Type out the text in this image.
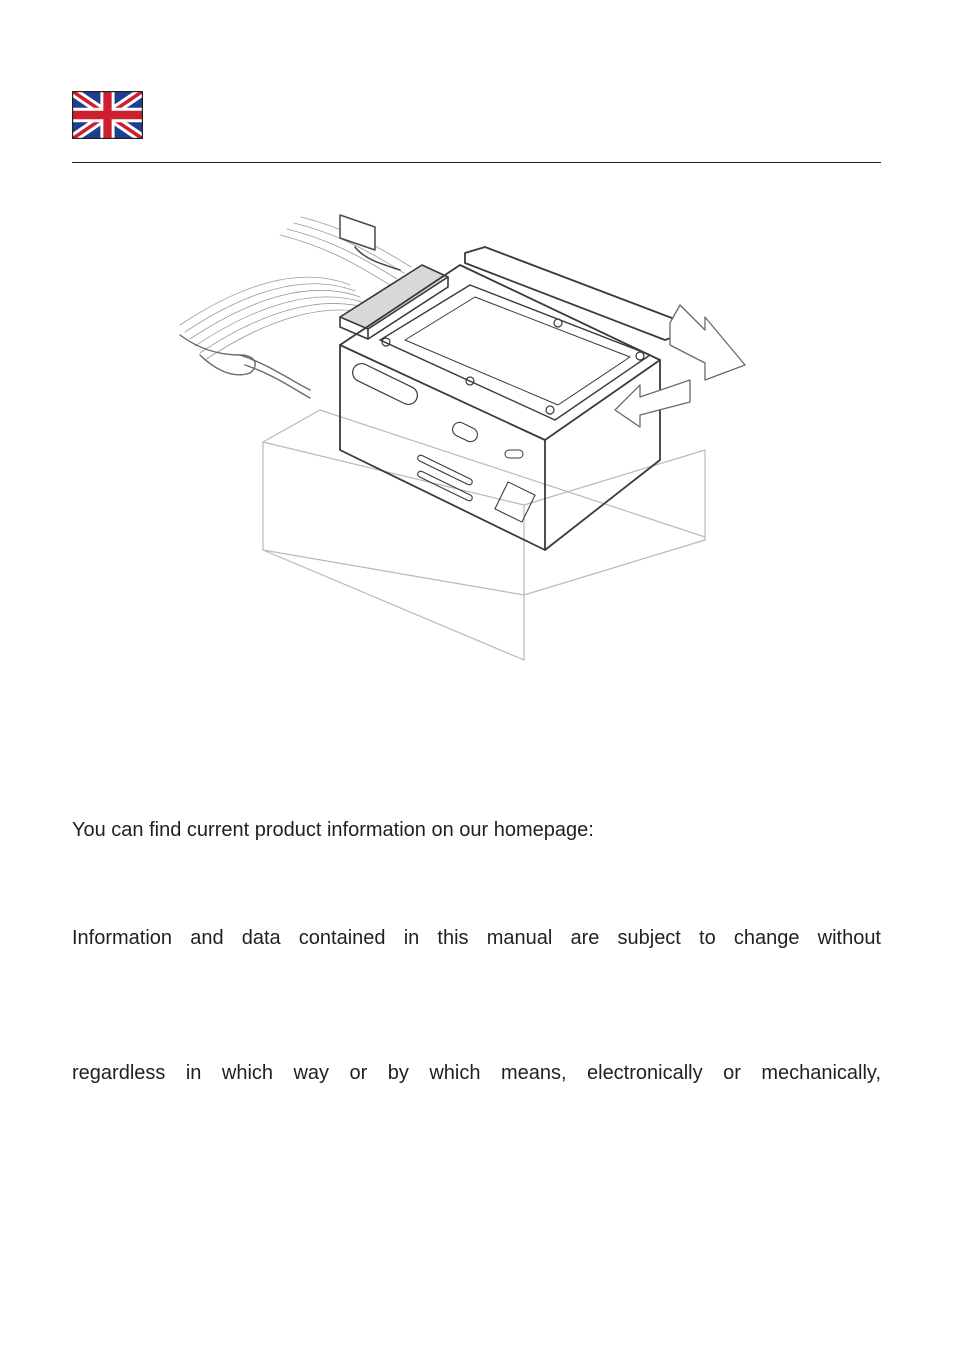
You can find current product information on our homepage:

Information and data contained in this manual are subject to change without

regardless in which way or by which means, electronically or mechanically,
